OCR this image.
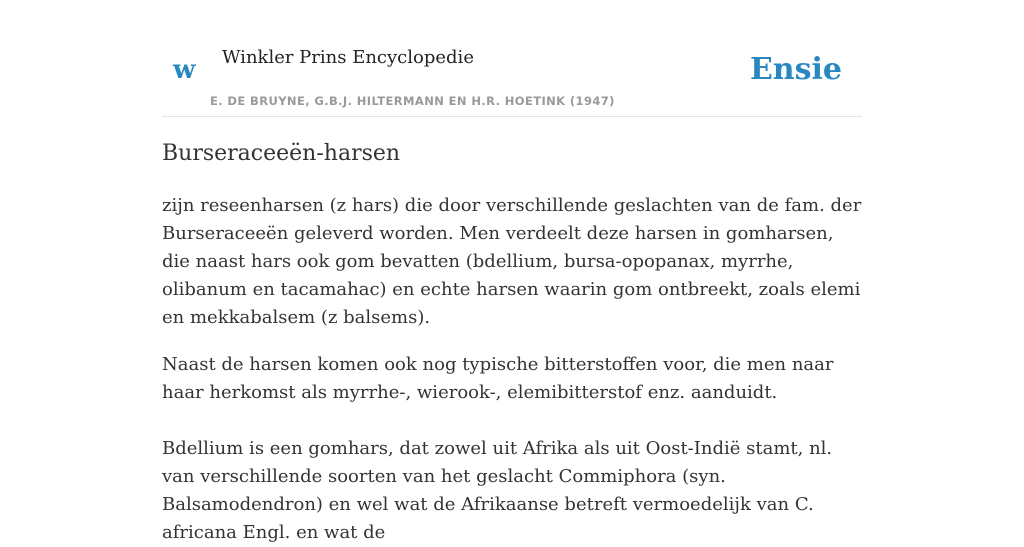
w Winkler Prins Encyclopedie
E. DE BRUYNE, G.B.J. HILTERMANN EN H.R. HOETINK (1947)
Ensie
Burseraceeën-harsen

zijn reseenharsen (z hars) die door verschillende geslachten van de fam. der Burseraceeën geleverd worden. Men verdeelt deze harsen in gomharsen, die naast hars ook gom bevatten (bdellium, bursa-opopanax, myrrhe, olibanum en tacamahac) en echte harsen waarin gom ontbreekt, zoals elemi en mekkabalsem (z balsems).

Naast de harsen komen ook nog typische bitterstoffen voor, die men naar haar herkomst als myrrhe-, wierook-, elemibitterstof enz. aanduidt.

Bdellium is een gomhars, dat zowel uit Afrika als uit Oost-Indië stamt, nl. van verschillende soorten van het geslacht Commiphora (syn. Balsamodendron) en wel wat de Afrikaanse betreft vermoedelijk van C. africana Engl. en wat de
